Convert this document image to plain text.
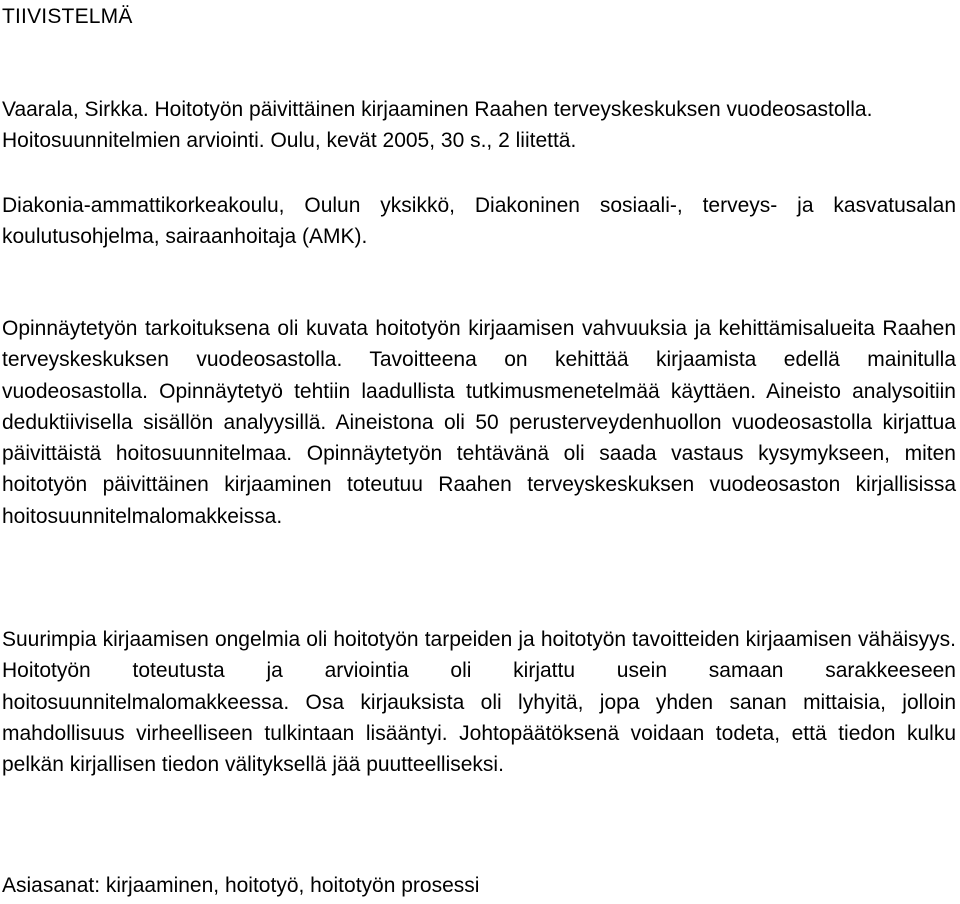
TIIVISTELMÄ

Vaarala, Sirkka. Hoitotyön päivittäinen kirjaaminen Raahen terveyskeskuksen vuodeosastolla. Hoitosuunnitelmien arviointi. Oulu, kevät 2005, 30 s., 2 liitettä.

Diakonia-ammattikorkeakoulu, Oulun yksikkö, Diakoninen sosiaali-, terveys- ja kasvatusalan koulutusohjelma, sairaanhoitaja (AMK).

Opinnäytetyön tarkoituksena oli kuvata hoitotyön kirjaamisen vahvuuksia ja kehittämisalueita Raahen terveyskeskuksen vuodeosastolla. Tavoitteena on kehittää kirjaamista edellä mainitulla vuodeosastolla. Opinnäytetyö tehtiin laadullista tutkimusmenetelmää käyttäen. Aineisto analysoitiin deduktiivisella sisällön analyysillä. Aineistona oli 50 perusterveydenhuollon vuodeosastolla kirjattua päivittäistä hoitosuunnitelmaa. Opinnäytetyön tehtävänä oli saada vastaus kysymykseen, miten hoitotyön päivittäinen kirjaaminen toteutuu Raahen terveyskeskuksen vuodeosaston kirjallisissa hoitosuunnitelmalomakkeissa.

Suurimpia kirjaamisen ongelmia oli hoitotyön tarpeiden ja hoitotyön tavoitteiden kirjaamisen vähäisyys. Hoitotyön toteutusta ja arviointia oli kirjattu usein samaan sarakkeeseen hoitosuunnitelmalomakkeessa. Osa kirjauksista oli lyhyitä, jopa yhden sanan mittaisia, jolloin mahdollisuus virheelliseen tulkintaan lisääntyi. Johtopäätöksenä voidaan todeta, että tiedon kulku pelkän kirjallisen tiedon välityksellä jää puutteelliseksi.

Asiasanat: kirjaaminen, hoitotyö, hoitotyön prosessi
